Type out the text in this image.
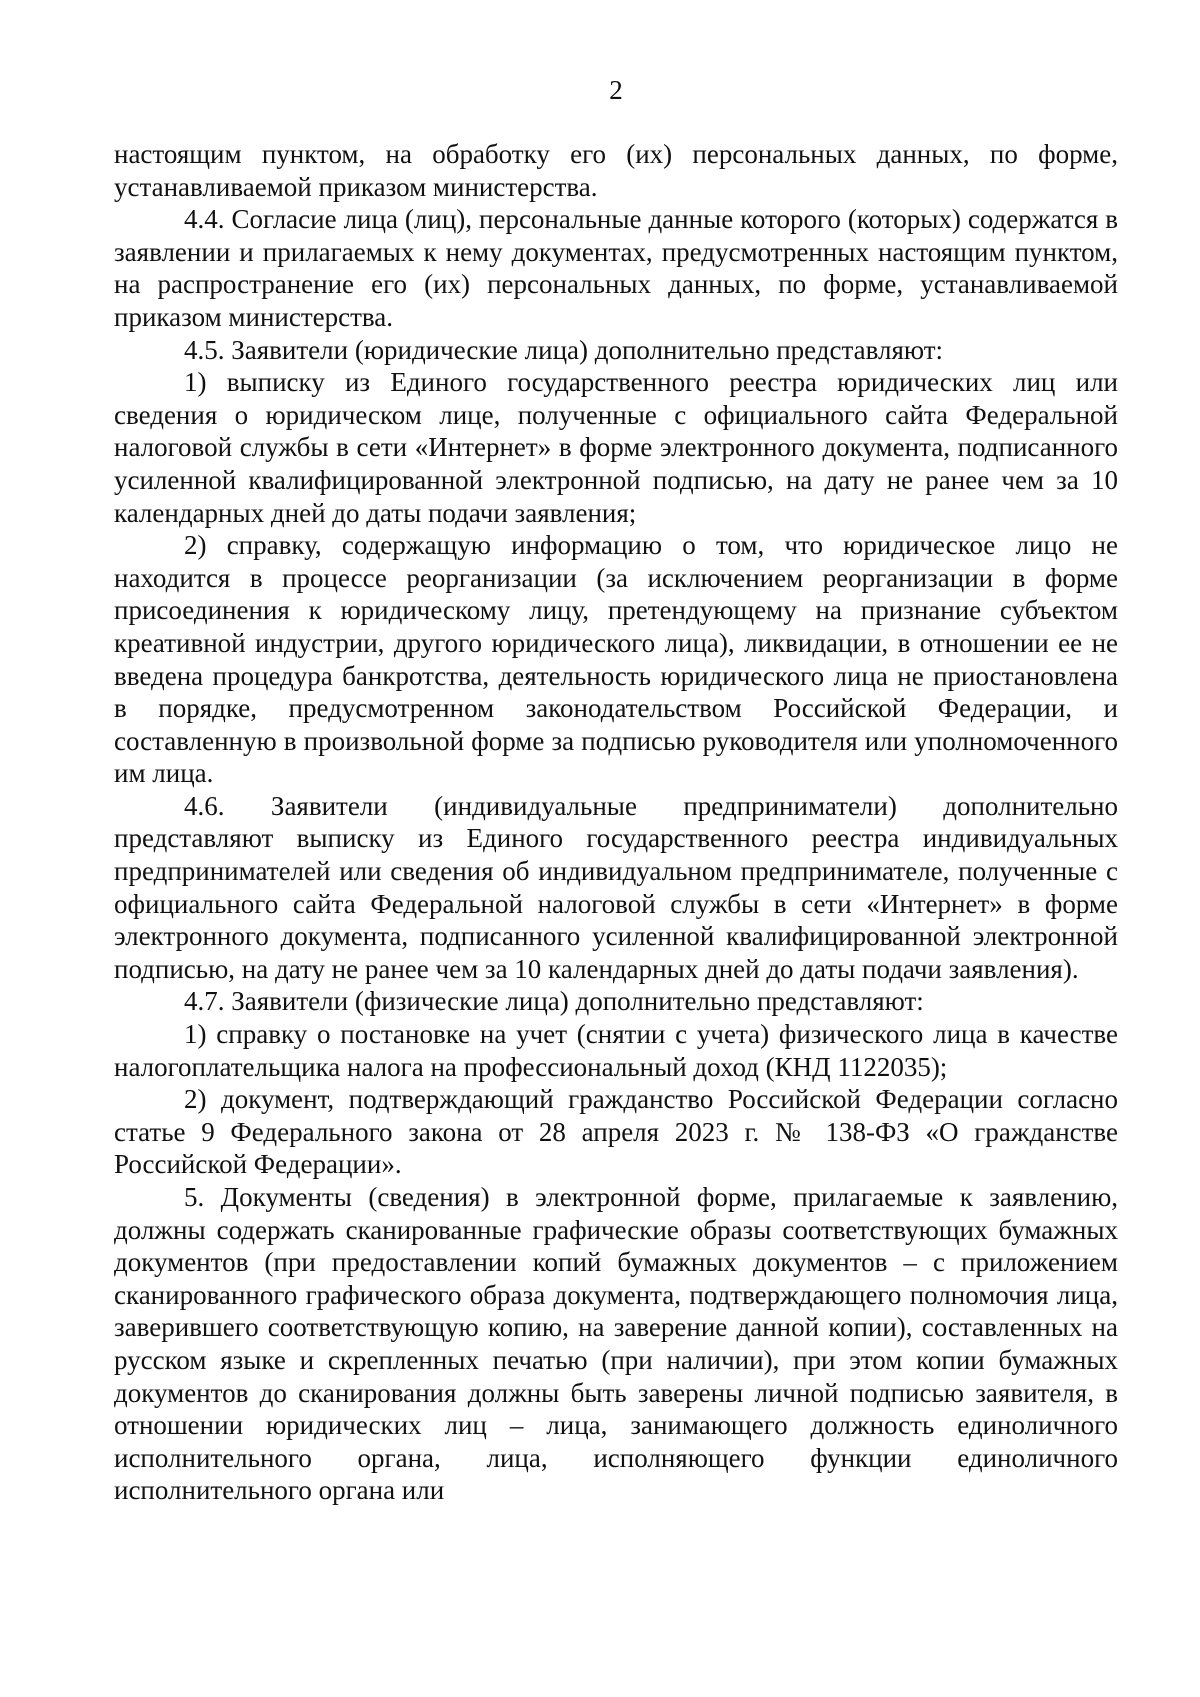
2

настоящим пунктом, на обработку его (их) персональных данных, по форме, устанавливаемой приказом министерства.

4.4. Согласие лица (лиц), персональные данные которого (которых) содержатся в заявлении и прилагаемых к нему документах, предусмотренных настоящим пунктом, на распространение его (их) персональных данных, по форме, устанавливаемой приказом министерства.

4.5. Заявители (юридические лица) дополнительно представляют:

1) выписку из Единого государственного реестра юридических лиц или сведения о юридическом лице, полученные с официального сайта Федеральной налоговой службы в сети «Интернет» в форме электронного документа, подписанного усиленной квалифицированной электронной подписью, на дату не ранее чем за 10 календарных дней до даты подачи заявления;

2) справку, содержащую информацию о том, что юридическое лицо не находится в процессе реорганизации (за исключением реорганизации в форме присоединения к юридическому лицу, претендующему на признание субъектом креативной индустрии, другого юридического лица), ликвидации, в отношении ее не введена процедура банкротства, деятельность юридического лица не приостановлена в порядке, предусмотренном законодательством Российской Федерации, и составленную в произвольной форме за подписью руководителя или уполномоченного им лица.

4.6. Заявители (индивидуальные предприниматели) дополнительно представляют выписку из Единого государственного реестра индивидуальных предпринимателей или сведения об индивидуальном предпринимателе, полученные с официального сайта Федеральной налоговой службы в сети «Интернет» в форме электронного документа, подписанного усиленной квалифицированной электронной подписью, на дату не ранее чем за 10 календарных дней до даты подачи заявления).

4.7. Заявители (физические лица) дополнительно представляют:

1) справку о постановке на учет (снятии с учета) физического лица в качестве налогоплательщика налога на профессиональный доход (КНД 1122035);

2) документ, подтверждающий гражданство Российской Федерации согласно статье 9 Федерального закона от 28 апреля 2023 г. № 138-ФЗ «О гражданстве Российской Федерации».

5. Документы (сведения) в электронной форме, прилагаемые к заявлению, должны содержать сканированные графические образы соответствующих бумажных документов (при предоставлении копий бумажных документов – с приложением сканированного графического образа документа, подтверждающего полномочия лица, заверившего соответствующую копию, на заверение данной копии), составленных на русском языке и скрепленных печатью (при наличии), при этом копии бумажных документов до сканирования должны быть заверены личной подписью заявителя, в отношении юридических лиц – лица, занимающего должность единоличного исполнительного органа, лица, исполняющего функции единоличного исполнительного органа или
